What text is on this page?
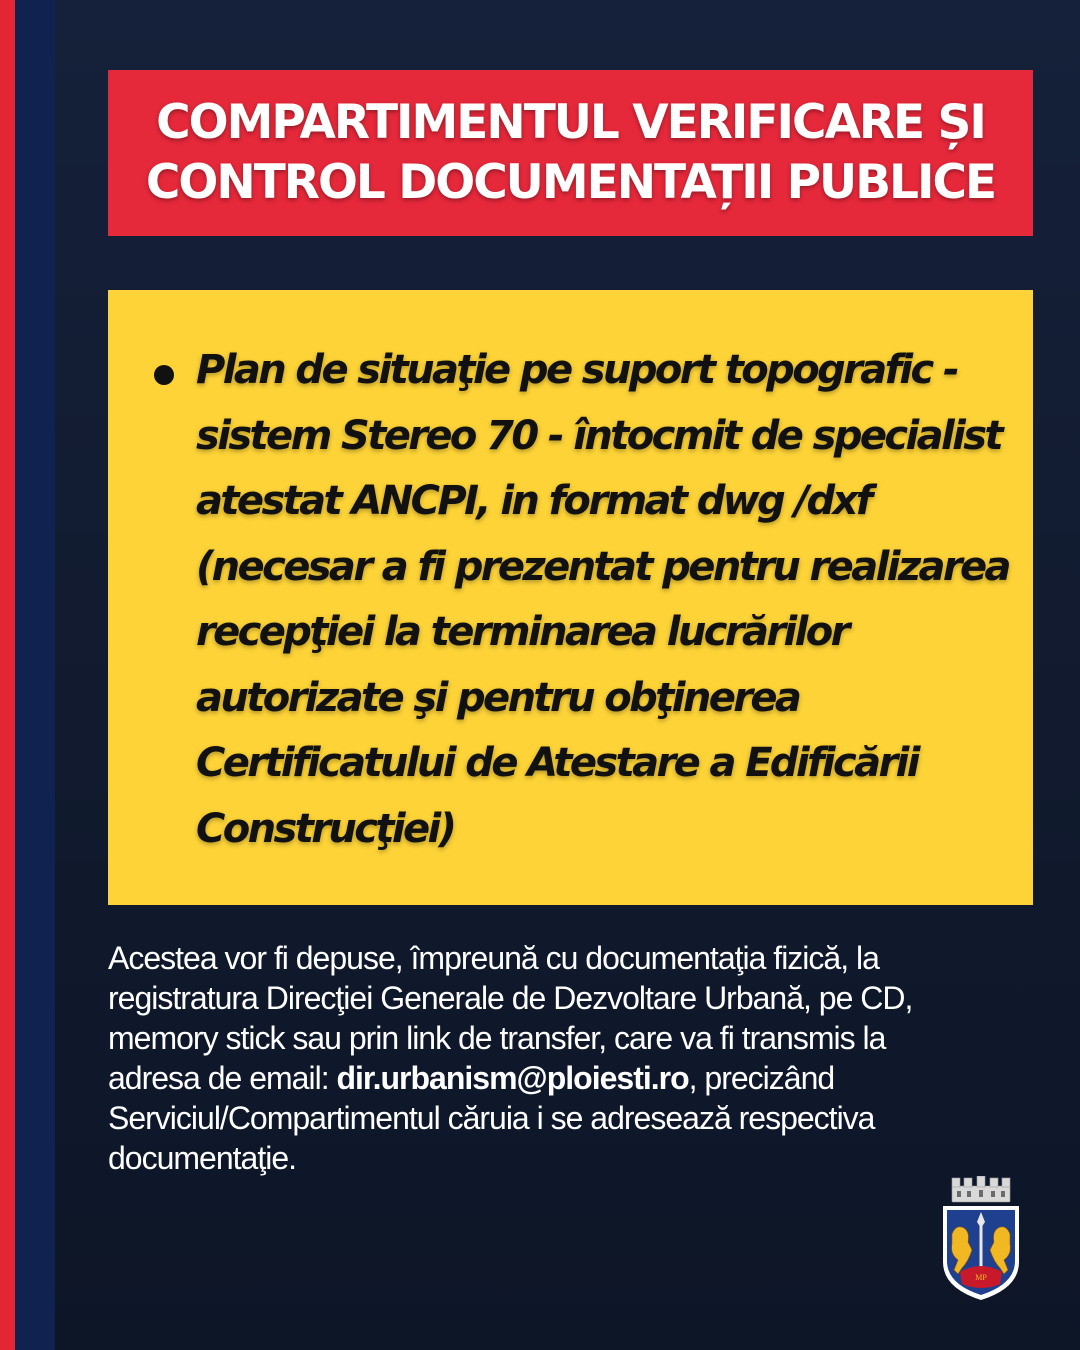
COMPARTIMENTUL VERIFICARE ȘI
CONTROL DOCUMENTAȚII PUBLICE

Plan de situaţie pe suport topografic -
sistem Stereo 70 - întocmit de specialist
atestat ANCPI, in format dwg /dxf
(necesar a fi prezentat pentru realizarea
recepţiei la terminarea lucrărilor
autorizate şi pentru obţinerea
Certificatului de Atestare a Edificării
Construcţiei)

Acestea vor fi depuse, împreună cu documentaţia fizică, la
registratura Direcţiei Generale de Dezvoltare Urbană, pe CD,
memory stick sau prin link de transfer, care va fi transmis la
adresa de email: dir.urbanism@ploiesti.ro, precizând
Serviciul/Compartimentul căruia i se adresează respectiva
documentaţie.

MP
